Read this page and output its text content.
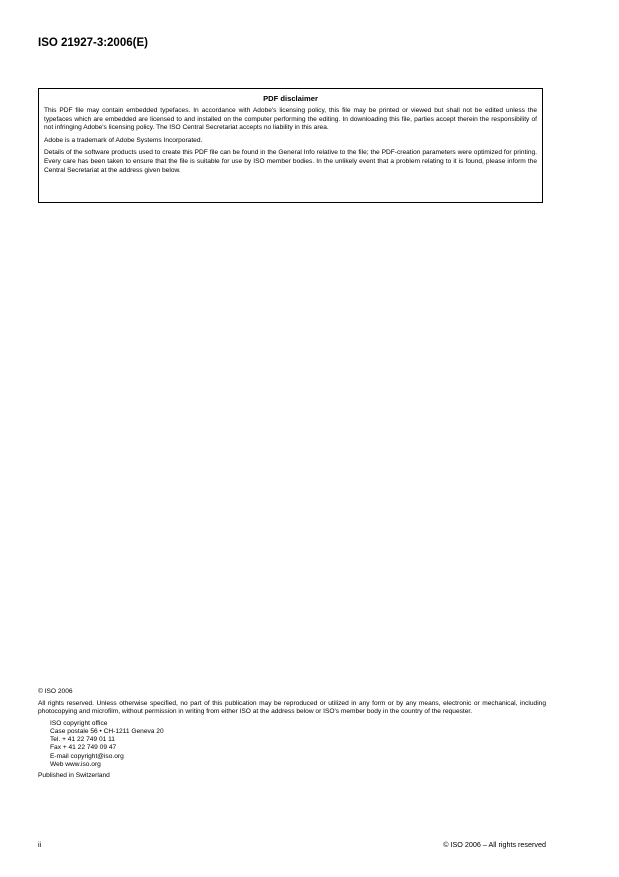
ISO 21927-3:2006(E)
PDF disclaimer

This PDF file may contain embedded typefaces. In accordance with Adobe's licensing policy, this file may be printed or viewed but shall not be edited unless the typefaces which are embedded are licensed to and installed on the computer performing the editing. In downloading this file, parties accept therein the responsibility of not infringing Adobe's licensing policy. The ISO Central Secretariat accepts no liability in this area.

Adobe is a trademark of Adobe Systems Incorporated.

Details of the software products used to create this PDF file can be found in the General Info relative to the file; the PDF-creation parameters were optimized for printing. Every care has been taken to ensure that the file is suitable for use by ISO member bodies. In the unlikely event that a problem relating to it is found, please inform the Central Secretariat at the address given below.

© ISO 2006
All rights reserved. Unless otherwise specified, no part of this publication may be reproduced or utilized in any form or by any means, electronic or mechanical, including photocopying and microfilm, without permission in writing from either ISO at the address below or ISO's member body in the country of the requester.
ISO copyright office
Case postale 56 • CH-1211 Geneva 20
Tel. + 41 22 749 01 11
Fax + 41 22 749 09 47
E-mail copyright@iso.org
Web www.iso.org
Published in Switzerland
ii	© ISO 2006 – All rights reserved
